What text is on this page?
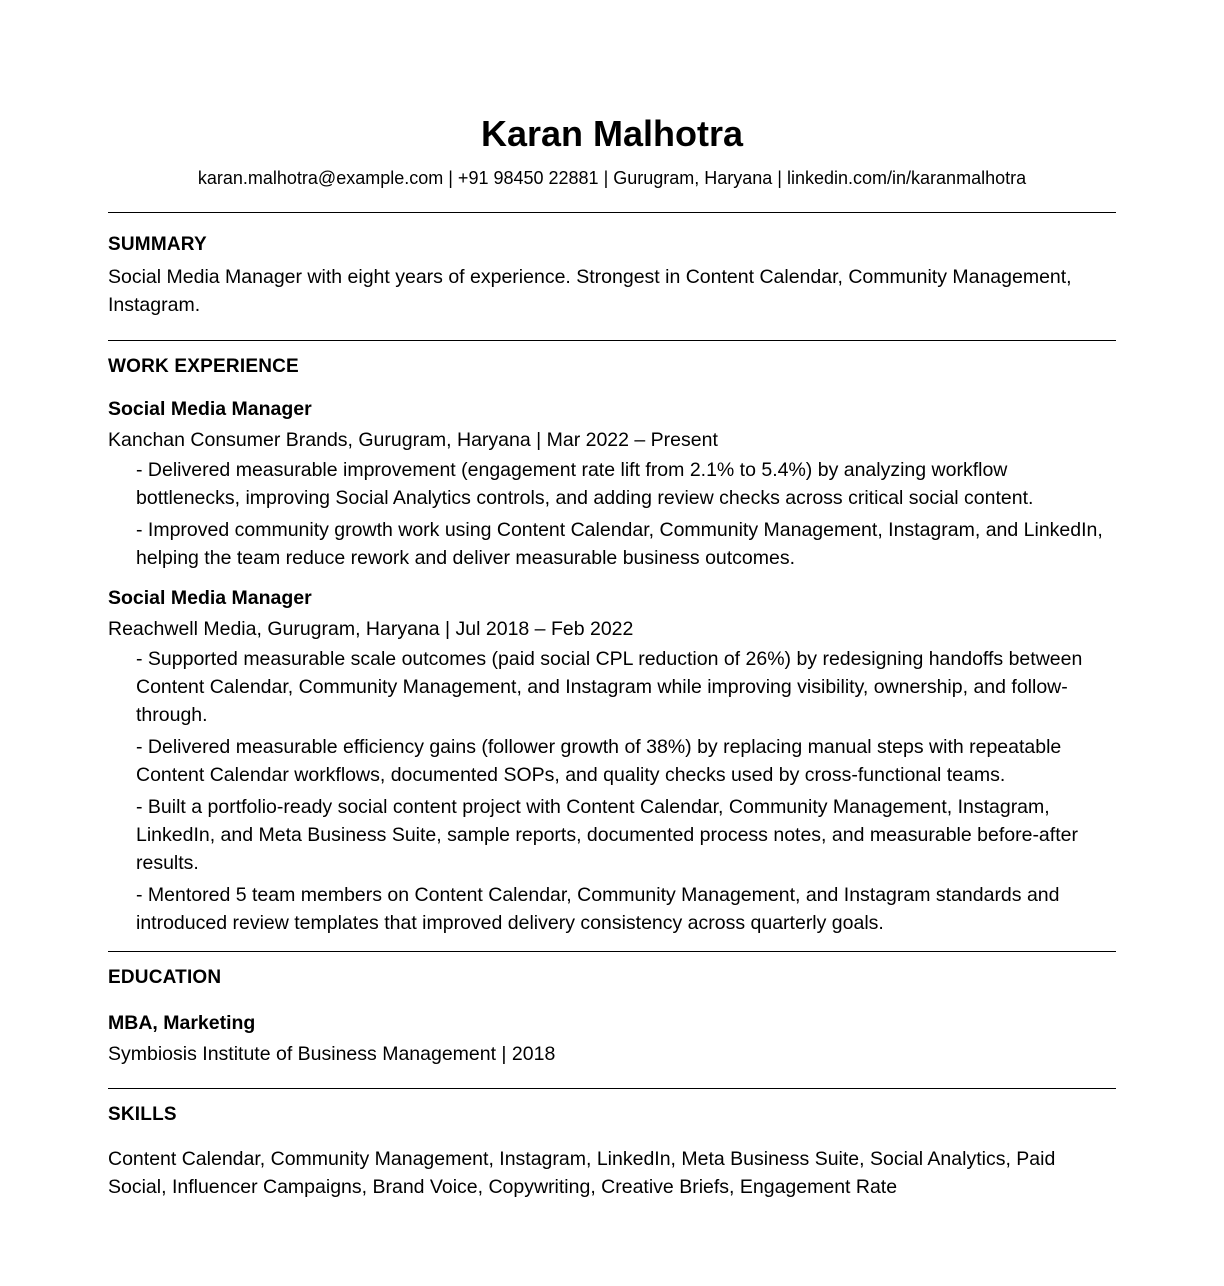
Karan Malhotra
karan.malhotra@example.com | +91 98450 22881 | Gurugram, Haryana | linkedin.com/in/karanmalhotra
SUMMARY
Social Media Manager with eight years of experience. Strongest in Content Calendar, Community Management, Instagram.
WORK EXPERIENCE
Social Media Manager
Kanchan Consumer Brands, Gurugram, Haryana | Mar 2022 – Present
- Delivered measurable improvement (engagement rate lift from 2.1% to 5.4%) by analyzing workflow bottlenecks, improving Social Analytics controls, and adding review checks across critical social content.
- Improved community growth work using Content Calendar, Community Management, Instagram, and LinkedIn, helping the team reduce rework and deliver measurable business outcomes.
Social Media Manager
Reachwell Media, Gurugram, Haryana | Jul 2018 – Feb 2022
- Supported measurable scale outcomes (paid social CPL reduction of 26%) by redesigning handoffs between Content Calendar, Community Management, and Instagram while improving visibility, ownership, and follow-through.
- Delivered measurable efficiency gains (follower growth of 38%) by replacing manual steps with repeatable Content Calendar workflows, documented SOPs, and quality checks used by cross-functional teams.
- Built a portfolio-ready social content project with Content Calendar, Community Management, Instagram, LinkedIn, and Meta Business Suite, sample reports, documented process notes, and measurable before-after results.
- Mentored 5 team members on Content Calendar, Community Management, and Instagram standards and introduced review templates that improved delivery consistency across quarterly goals.
EDUCATION
MBA, Marketing
Symbiosis Institute of Business Management | 2018
SKILLS
Content Calendar, Community Management, Instagram, LinkedIn, Meta Business Suite, Social Analytics, Paid Social, Influencer Campaigns, Brand Voice, Copywriting, Creative Briefs, Engagement Rate
